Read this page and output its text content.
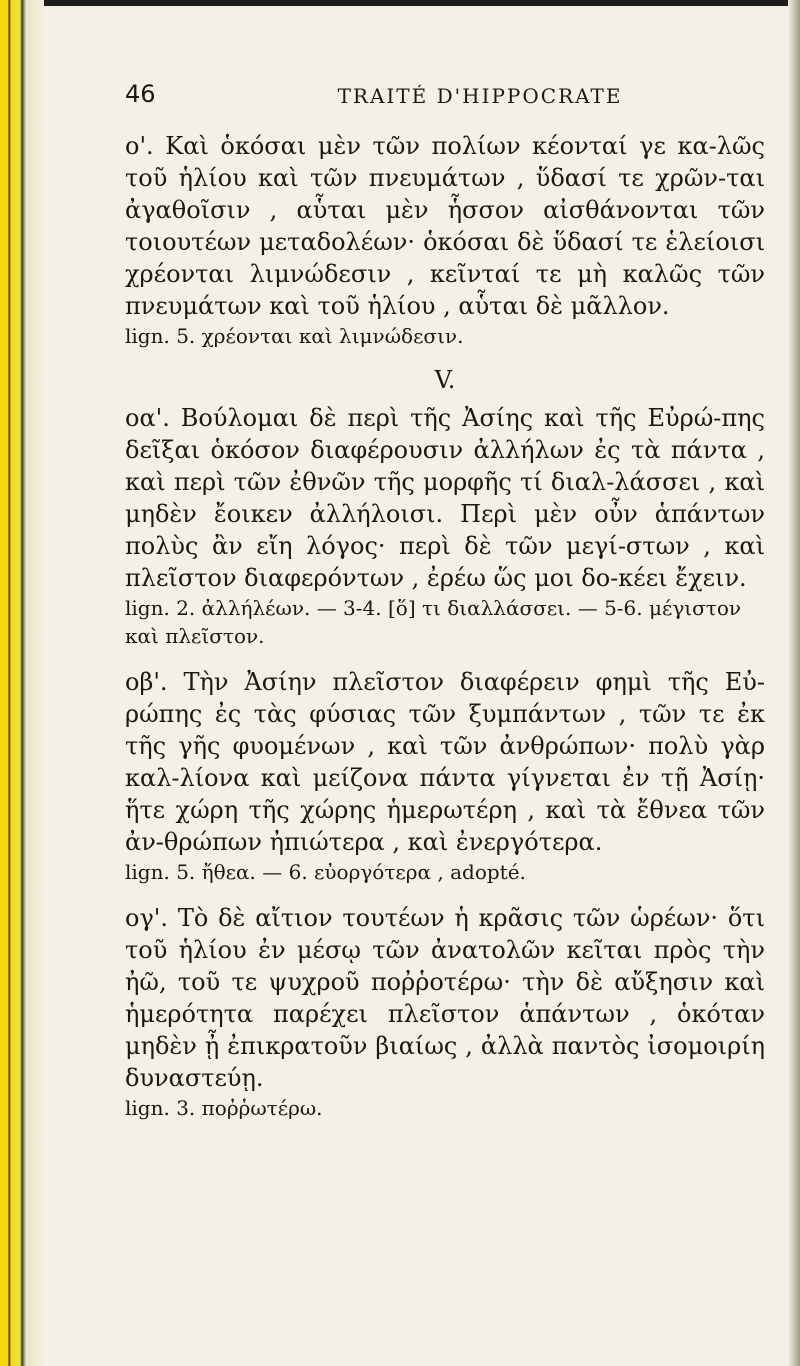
46	TRAITÉ D'HIPPOCRATE

ο'. Καὶ ὁκόσαι μὲν τῶν πολίων κέονταί γε κα-λῶς τοῦ ἡλίου καὶ τῶν πνευμάτων , ὕδασί τε χρῶν-ται ἀγαθοῖσιν , αὗται μὲν ἧσσον αἰσθάνονται τῶν τοιουτέων μεταδολέων· ὁκόσαι δὲ ὕδασί τε ἑλείοισι χρέονται λιμνώδεσιν , κεῖνταί τε μὴ καλῶς τῶν πνευμάτων καὶ τοῦ ἡλίου , αὗται δὲ μᾶλλον.

lign. 5. χρέονται καὶ λιμνώδεσιν.

V.

οα'. Βούλομαι δὲ περὶ τῆς Ἀσίης καὶ τῆς Εὐρώ-πης δεῖξαι ὁκόσον διαφέρουσιν ἀλλήλων ἐς τὰ πάντα , καὶ περὶ τῶν ἐθνῶν τῆς μορφῆς τί διαλ-λάσσει , καὶ μηδὲν ἔοικεν ἀλλήλοισι. Περὶ μὲν οὖν ἁπάντων πολὺς ἂν εἴη λόγος· περὶ δὲ τῶν μεγί-στων , καὶ πλεῖστον διαφερόντων , ἐρέω ὥς μοι δο-κέει ἔχειν.

lign. 2. ἀλλήλέων. — 3-4. [ὅ] τι διαλλάσσει. — 5-6. μέγιστον καὶ πλεῖστον.

οβ'. Τὴν Ἀσίην πλεῖστον διαφέρειν φημὶ τῆς Εὐ-ρώπης ἐς τὰς φύσιας τῶν ξυμπάντων , τῶν τε ἐκ τῆς γῆς φυομένων , καὶ τῶν ἀνθρώπων· πολὺ γὰρ καλ-λίονα καὶ μείζονα πάντα γίγνεται ἐν τῇ Ἀσίῃ· ἥτε χώρη τῆς χώρης ἡμερωτέρη , καὶ τὰ ἔθνεα τῶν ἀν-θρώπων ἠπιώτερα , καὶ ἐνεργότερα.

lign. 5. ἤθεα. — 6. εὐοργότερα , adopté.

ογ'. Τὸ δὲ αἴτιον τουτέων ἡ κρᾶσις τῶν ὡρέων· ὅτι τοῦ ἡλίου ἐν μέσῳ τῶν ἀνατολῶν κεῖται πρὸς τὴν ἠῶ, τοῦ τε ψυχροῦ ποῤῥοτέρω· τὴν δὲ αὔξησιν καὶ ἡμερότητα παρέχει πλεῖστον ἁπάντων , ὁκόταν μηδὲν ᾖ ἐπικρατοῦν βιαίως , ἀλλὰ παντὸς ἰσομοιρίη δυναστεύῃ.

lign. 3. ποῤῥωτέρω.
